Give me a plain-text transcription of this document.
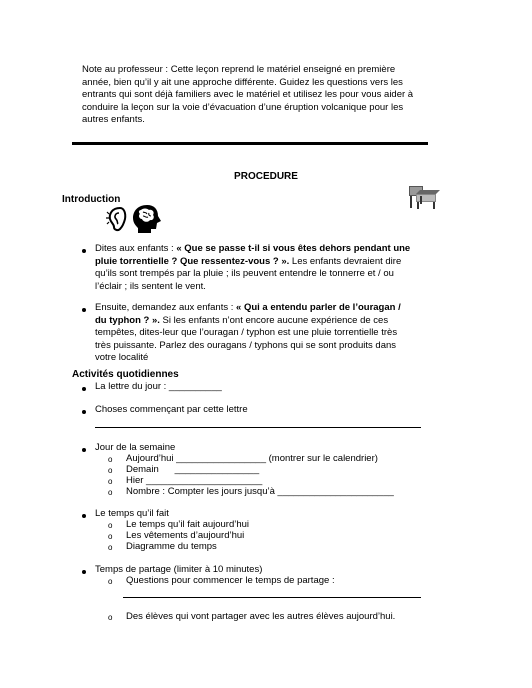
Note au professeur : Cette leçon reprend le matériel enseigné en première
année, bien qu’il y ait une approche différente. Guidez les questions vers les
entrants qui sont déjà familiers avec le matériel et utilisez les pour vous aider à
conduire la leçon sur la voie d’évacuation d’une éruption volcanique pour les
autres enfants.
PROCEDURE
Introduction
Dites aux enfants : « Que se passe t-il si vous êtes dehors pendant une
pluie torrentielle ? Que ressentez-vous ? ». Les enfants devraient dire
qu’ils sont trempés par la pluie ; ils peuvent entendre le tonnerre et / ou
l’éclair ; ils sentent le vent.
Ensuite, demandez aux enfants : « Qui a entendu parler de l’ouragan /
du typhon ? ». Si les enfants n’ont encore aucune expérience de ces
tempêtes, dites-leur que l’ouragan / typhon est une pluie torrentielle très
très puissante. Parlez des ouragans / typhons qui se sont produits dans
votre localité
Activités quotidiennes
La lettre du jour : __________
Choses commençant par cette lettre
Jour de la semaine
o Aujourd’hui _________________ (montrer sur le calendrier)
o Demain      ________________
o Hier ______________________
o Nombre : Compter les jours jusqu’à ______________________
Le temps qu’il fait
o Le temps qu’il fait aujourd’hui
o Les vêtements d’aujourd’hui
o Diagramme du temps
Temps de partage (limiter à 10 minutes)
o Questions pour commencer le temps de partage :
o Des élèves qui vont partager avec les autres élèves aujourd’hui.
